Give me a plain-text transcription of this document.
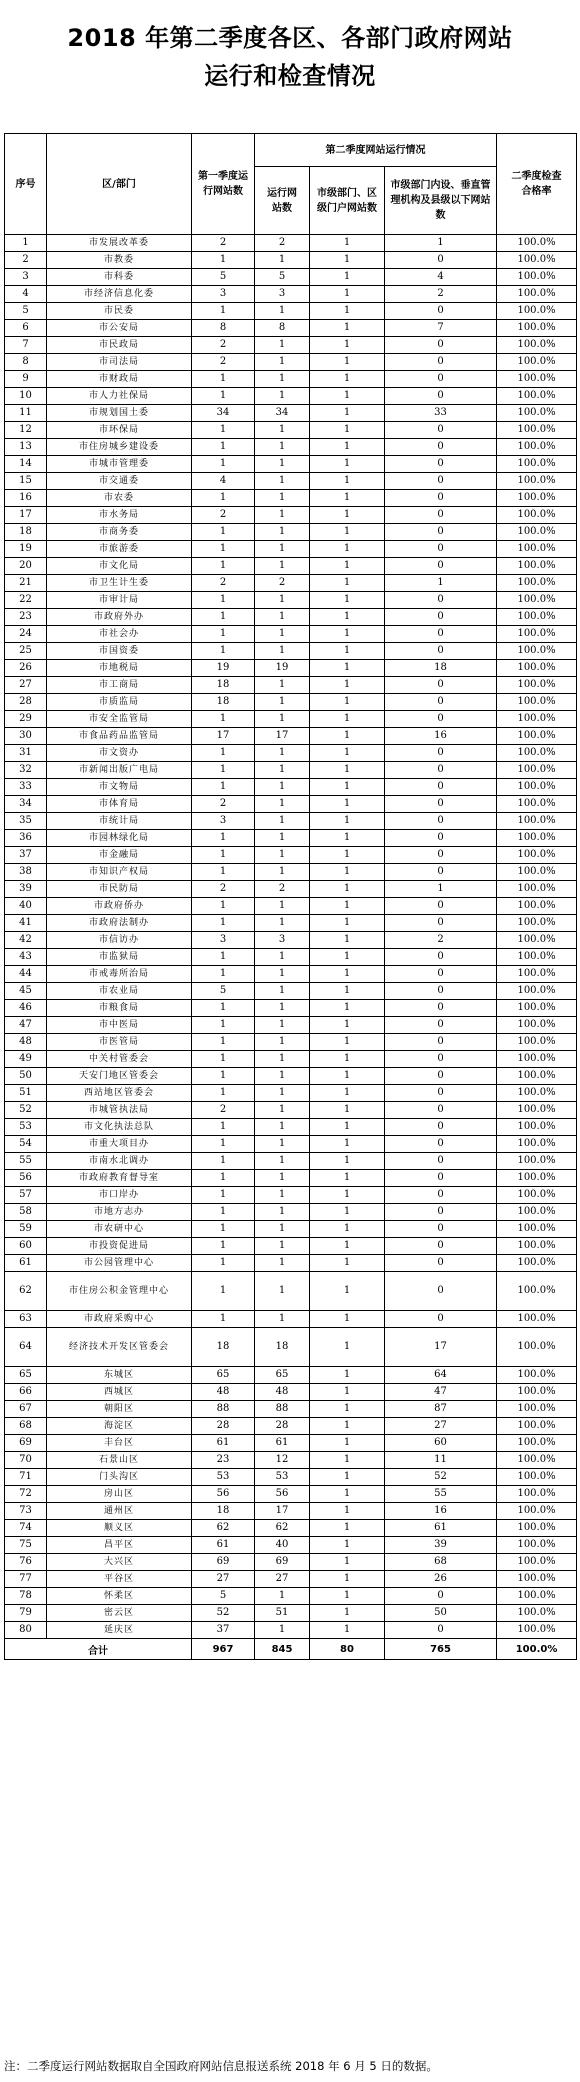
2018 年第二季度各区、各部门政府网站
运行和检查情况
序号	区/部门	第一季度运行网站数	第二季度网站运行情况			二季度检查合格率

			运行网站数	市级部门、区级门户网站数	市级部门内设、垂直管理机构及县级以下网站数	

1	市发展改革委	2	2	1	1	100.0%
2	市教委	1	1	1	0	100.0%
3	市科委	5	5	1	4	100.0%
4	市经济信息化委	3	3	1	2	100.0%
5	市民委	1	1	1	0	100.0%
6	市公安局	8	8	1	7	100.0%
7	市民政局	2	1	1	0	100.0%
8	市司法局	2	1	1	0	100.0%
9	市财政局	1	1	1	0	100.0%
10	市人力社保局	1	1	1	0	100.0%
11	市规划国土委	34	34	1	33	100.0%
12	市环保局	1	1	1	0	100.0%
13	市住房城乡建设委	1	1	1	0	100.0%
14	市城市管理委	1	1	1	0	100.0%
15	市交通委	4	1	1	0	100.0%
16	市农委	1	1	1	0	100.0%
17	市水务局	2	1	1	0	100.0%
18	市商务委	1	1	1	0	100.0%
19	市旅游委	1	1	1	0	100.0%
20	市文化局	1	1	1	0	100.0%
21	市卫生计生委	2	2	1	1	100.0%
22	市审计局	1	1	1	0	100.0%
23	市政府外办	1	1	1	0	100.0%
24	市社会办	1	1	1	0	100.0%
25	市国资委	1	1	1	0	100.0%
26	市地税局	19	19	1	18	100.0%
27	市工商局	18	1	1	0	100.0%
28	市质监局	18	1	1	0	100.0%
29	市安全监管局	1	1	1	0	100.0%
30	市食品药品监管局	17	17	1	16	100.0%
31	市文资办	1	1	1	0	100.0%
32	市新闻出版广电局	1	1	1	0	100.0%
33	市文物局	1	1	1	0	100.0%
34	市体育局	2	1	1	0	100.0%
35	市统计局	3	1	1	0	100.0%
36	市园林绿化局	1	1	1	0	100.0%
37	市金融局	1	1	1	0	100.0%
38	市知识产权局	1	1	1	0	100.0%
39	市民防局	2	2	1	1	100.0%
40	市政府侨办	1	1	1	0	100.0%
41	市政府法制办	1	1	1	0	100.0%
42	市信访办	3	3	1	2	100.0%
43	市监狱局	1	1	1	0	100.0%
44	市戒毒所治局	1	1	1	0	100.0%
45	市农业局	5	1	1	0	100.0%
46	市粮食局	1	1	1	0	100.0%
47	市中医局	1	1	1	0	100.0%
48	市医管局	1	1	1	0	100.0%
49	中关村管委会	1	1	1	0	100.0%
50	天安门地区管委会	1	1	1	0	100.0%
51	西站地区管委会	1	1	1	0	100.0%
52	市城管执法局	2	1	1	0	100.0%
53	市文化执法总队	1	1	1	0	100.0%
54	市重大项目办	1	1	1	0	100.0%
55	市南水北调办	1	1	1	0	100.0%
56	市政府教育督导室	1	1	1	0	100.0%
57	市口岸办	1	1	1	0	100.0%
58	市地方志办	1	1	1	0	100.0%
59	市农研中心	1	1	1	0	100.0%
60	市投资促进局	1	1	1	0	100.0%
61	市公园管理中心	1	1	1	0	100.0%
62	市住房公积金管理中心	1	1	1	0	100.0%
63	市政府采购中心	1	1	1	0	100.0%
64	经济技术开发区管委会	18	18	1	17	100.0%
65	东城区	65	65	1	64	100.0%
66	西城区	48	48	1	47	100.0%
67	朝阳区	88	88	1	87	100.0%
68	海淀区	28	28	1	27	100.0%
69	丰台区	61	61	1	60	100.0%
70	石景山区	23	12	1	11	100.0%
71	门头沟区	53	53	1	52	100.0%
72	房山区	56	56	1	55	100.0%
73	通州区	18	17	1	16	100.0%
74	顺义区	62	62	1	61	100.0%
75	昌平区	61	40	1	39	100.0%
76	大兴区	69	69	1	68	100.0%
77	平谷区	27	27	1	26	100.0%
78	怀柔区	5	1	1	0	100.0%
79	密云区	52	51	1	50	100.0%
80	延庆区	37	1	1	0	100.0%
合计		967	845	80	765	100.0%
注：二季度运行网站数据取自全国政府网站信息报送系统 2018 年 6 月 5 日的数据。
